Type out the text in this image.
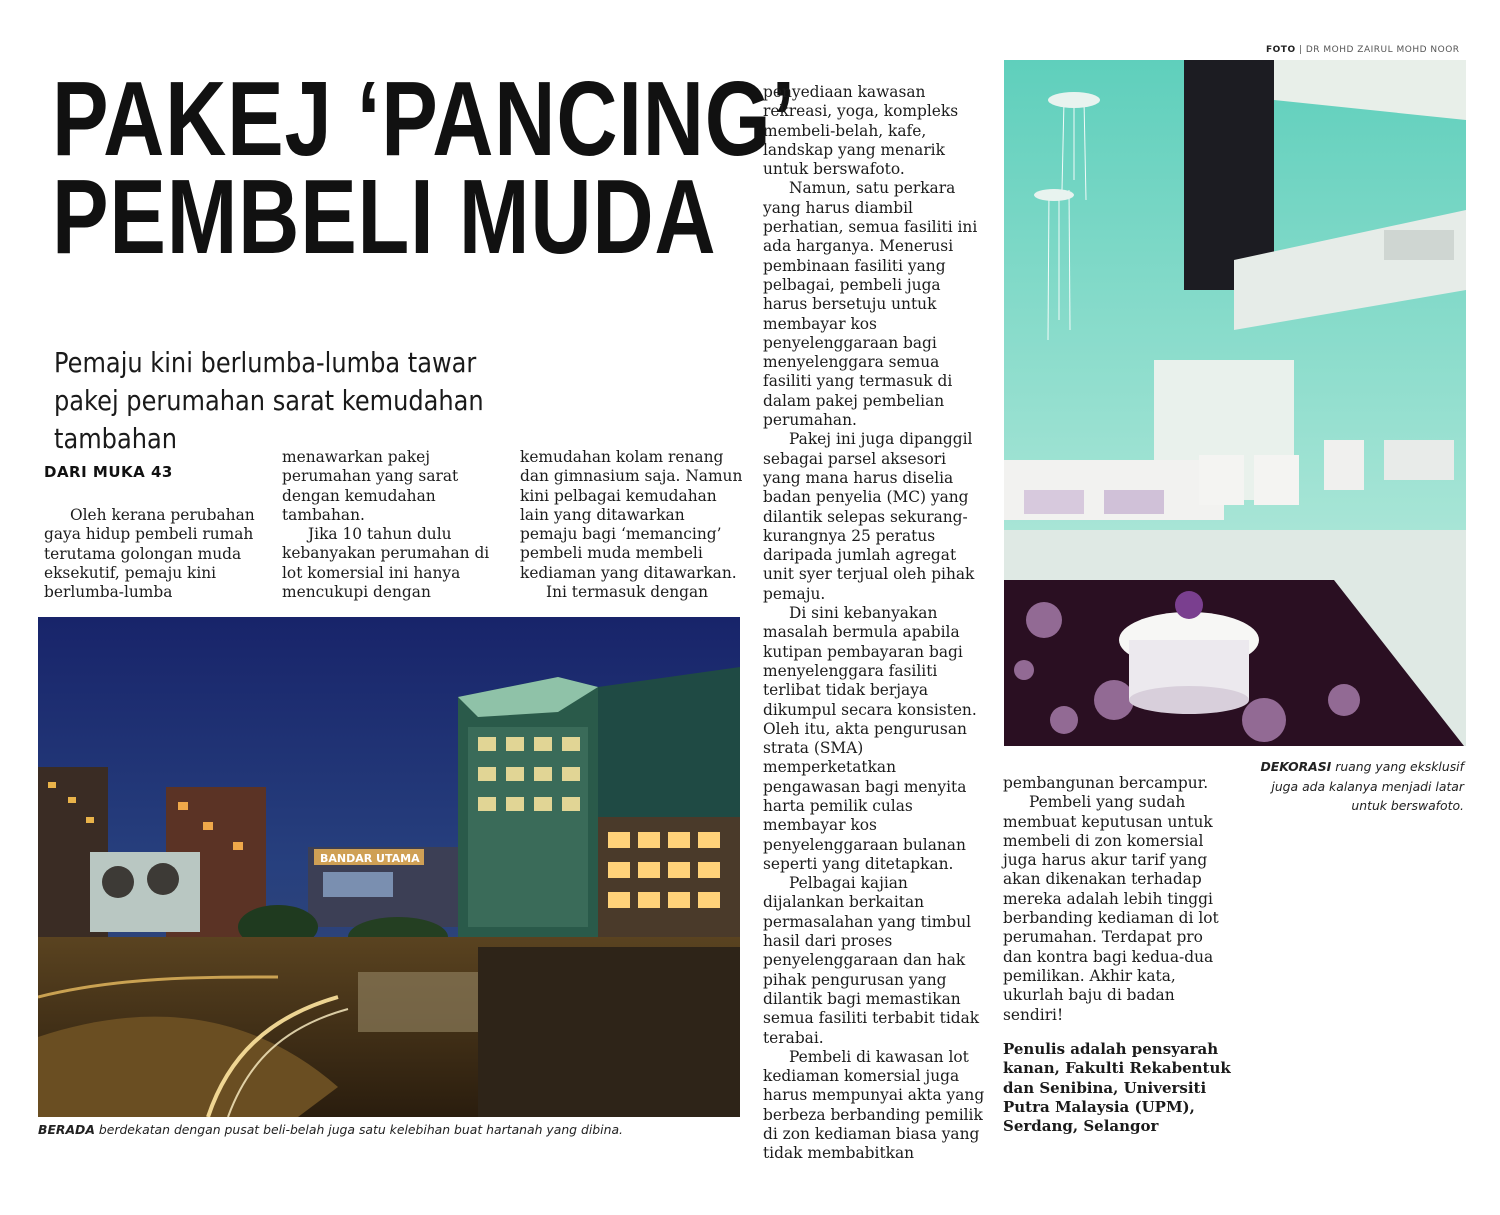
FOTO | DR MOHD ZAIRUL MOHD NOOR
PAKEJ ‘PANCING’
PEMBELI MUDA
Pemaju kini berlumba-lumba tawar pakej perumahan sarat kemudahan tambahan
DARI MUKA 43

Oleh kerana perubahan gaya hidup pembeli rumah terutama golongan muda eksekutif, pemaju kini berlumba-lumba

menawarkan pakej perumahan yang sarat dengan kemudahan tambahan.

Jika 10 tahun dulu kebanyakan perumahan di lot komersial ini hanya mencukupi dengan

kemudahan kolam renang dan gimnasium saja. Namun kini pelbagai kemudahan lain yang ditawarkan pemaju bagi ‘memancing’ pembeli muda membeli kediaman yang ditawarkan.

Ini termasuk dengan

penyediaan kawasan rekreasi, yoga, kompleks membeli-belah, kafe, landskap yang menarik untuk berswafoto.

Namun, satu perkara yang harus diambil perhatian, semua fasiliti ini ada harganya. Menerusi pembinaan fasiliti yang pelbagai, pembeli juga harus bersetuju untuk membayar kos penyelenggaraan bagi menyelenggara semua fasiliti yang termasuk di dalam pakej pembelian perumahan.

Pakej ini juga dipanggil sebagai parsel aksesori yang mana harus diselia badan penyelia (MC) yang dilantik selepas sekurang-kurangnya 25 peratus daripada jumlah agregat unit syer terjual oleh pihak pemaju.

Di sini kebanyakan masalah bermula apabila kutipan pembayaran bagi menyelenggara fasiliti terlibat tidak berjaya dikumpul secara konsisten. Oleh itu, akta pengurusan strata (SMA) memperketatkan pengawasan bagi menyita harta pemilik culas membayar kos penyelenggaraan bulanan seperti yang ditetapkan.

Pelbagai kajian dijalankan berkaitan permasalahan yang timbul hasil dari proses penyelenggaraan dan hak pihak pengurusan yang dilantik bagi memastikan semua fasiliti terbabit tidak terabai.

Pembeli di kawasan lot kediaman komersial juga harus mempunyai akta yang berbeza berbanding pemilik di zon kediaman biasa yang tidak membabitkan

pembangunan bercampur.

Pembeli yang sudah membuat keputusan untuk membeli di zon komersial juga harus akur tarif yang akan dikenakan terhadap mereka adalah lebih tinggi berbanding kediaman di lot perumahan. Terdapat pro dan kontra bagi kedua-dua pemilikan. Akhir kata, ukurlah baju di badan sendiri!

Penulis adalah pensyarah kanan, Fakulti Rekabentuk dan Senibina, Universiti Putra Malaysia (UPM), Serdang, Selangor
BANDAR UTAMA
BERADA berdekatan dengan pusat beli-belah juga satu kelebihan buat hartanah yang dibina.
DEKORASI ruang yang eksklusif juga ada kalanya menjadi latar untuk berswafoto.
